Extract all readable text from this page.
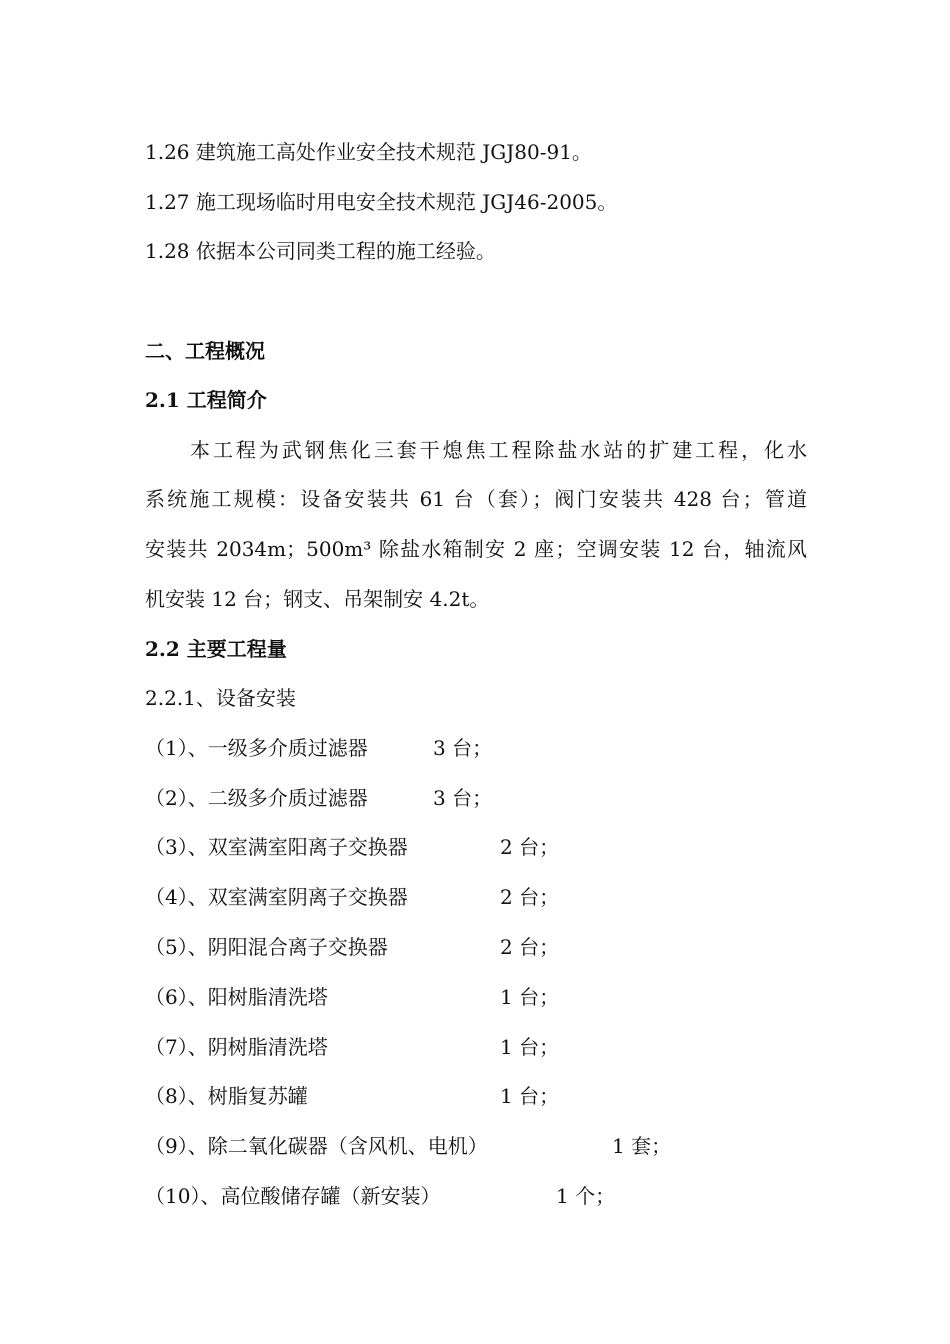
1.26 建筑施工高处作业安全技术规范 JGJ80-91。
1.27 施工现场临时用电安全技术规范 JGJ46-2005。
1.28 依据本公司同类工程的施工经验。
二、工程概况
2.1 工程简介
本工程为武钢焦化三套干熄焦工程除盐水站的扩建工程，化水
系统施工规模：设备安装共 61 台（套）；阀门安装共 428 台；管道
安装共 2034m；500m³ 除盐水箱制安 2 座；空调安装 12 台，轴流风
机安装 12 台；钢支、吊架制安 4.2t。
2.2 主要工程量
2.2.1、设备安装
（1）、一级多介质过滤器	3 台；
（2）、二级多介质过滤器	3 台；
（3）、双室满室阳离子交换器	2 台；
（4）、双室满室阴离子交换器	2 台；
（5）、阴阳混合离子交换器	2 台；
（6）、阳树脂清洗塔	1 台；
（7）、阴树脂清洗塔	1 台；
（8）、树脂复苏罐	1 台；
（9）、除二氧化碳器（含风机、电机）	1 套；
（10）、高位酸储存罐（新安装）	1 个；
